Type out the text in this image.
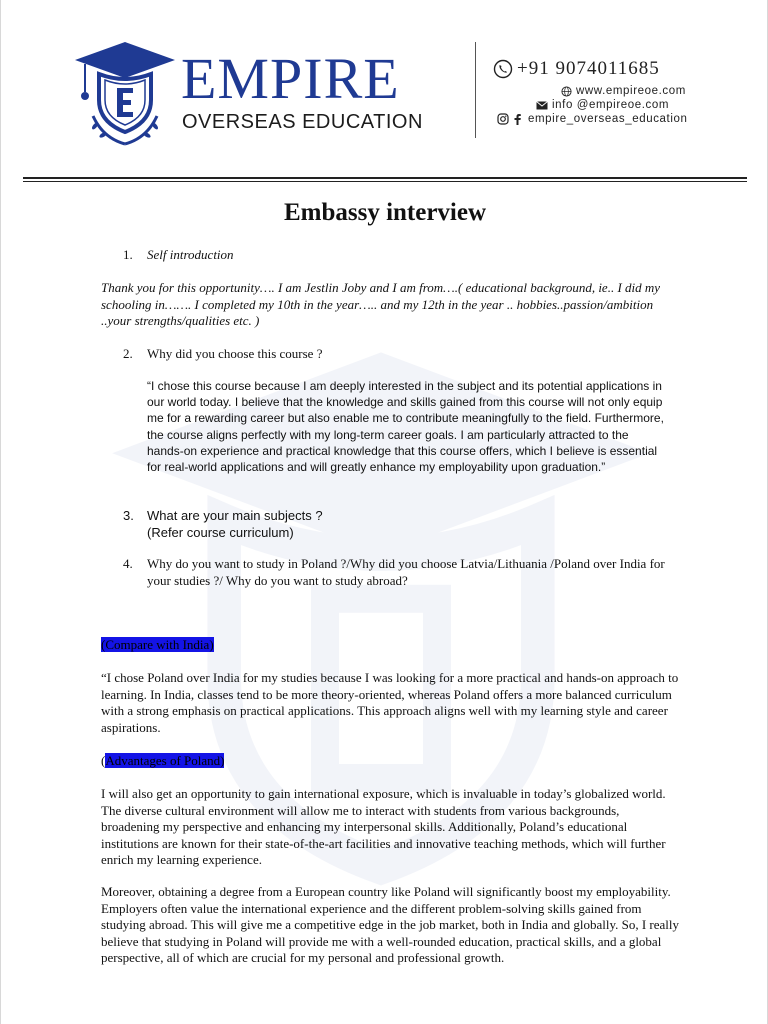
EMPIRE
OVERSEAS EDUCATION
+91 9074011685
www.empireoe.com
info @empireoe.com
empire_overseas_education
Embassy interview
1.	Self introduction

Thank you for this opportunity…. I am Jestlin Joby and I am from….( educational background, ie.. I did my schooling in……. I completed my 10th in the year….. and my 12th in the year .. hobbies..passion/ambition ..your strengths/qualities etc. )

2.	Why did you choose this course ?

“I chose this course because I am deeply interested in the subject and its potential applications in our world today. I believe that the knowledge and skills gained from this course will not only equip me for a rewarding career but also enable me to contribute meaningfully to the field. Furthermore, the course aligns perfectly with my long-term career goals. I am particularly attracted to the hands-on experience and practical knowledge that this course offers, which I believe is essential for real-world applications and will greatly enhance my employability upon graduation.”

3.	What are your main subjects ?
(Refer course curriculum)
4.	Why do you want to study in Poland ?/Why did you choose Latvia/Lithuania /Poland over India for your studies ?/ Why do you want to study abroad?
(Compare with India)

“I chose Poland over India for my studies because I was looking for a more practical and hands-on approach to learning. In India, classes tend to be more theory-oriented, whereas Poland offers a more balanced curriculum with a strong emphasis on practical applications. This approach aligns well with my learning style and career aspirations.

(Advantages of Poland)

I will also get an opportunity to gain international exposure, which is invaluable in today’s globalized world. The diverse cultural environment will allow me to interact with students from various backgrounds, broadening my perspective and enhancing my interpersonal skills. Additionally, Poland’s educational institutions are known for their state-of-the-art facilities and innovative teaching methods, which will further enrich my learning experience.

Moreover, obtaining a degree from a European country like Poland will significantly boost my employability. Employers often value the international experience and the different problem-solving skills gained from studying abroad. This will give me a competitive edge in the job market, both in India and globally. So, I really believe that studying in Poland will provide me with a well-rounded education, practical skills, and a global perspective, all of which are crucial for my personal and professional growth.
